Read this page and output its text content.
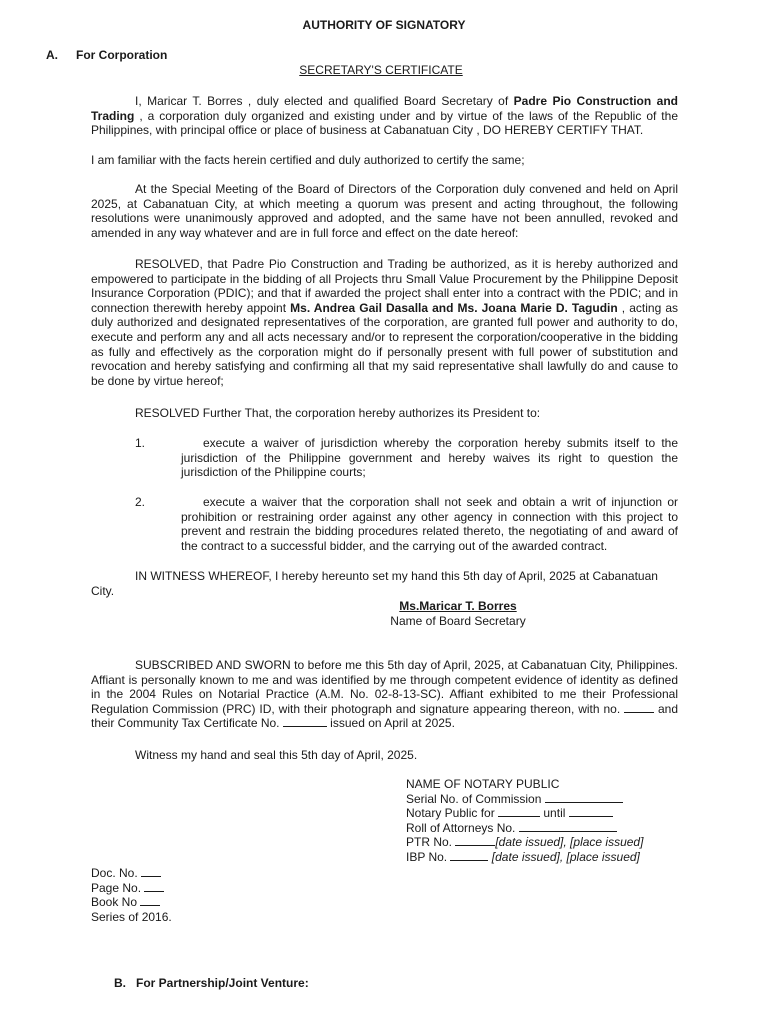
AUTHORITY OF SIGNATORY
A. For Corporation
SECRETARY'S CERTIFICATE

I, Maricar T. Borres , duly elected and qualified Board Secretary of Padre Pio Construction and Trading , a corporation duly organized and existing under and by virtue of the laws of the Republic of the Philippines, with principal office or place of business at Cabanatuan City , DO HEREBY CERTIFY THAT.

I am familiar with the facts herein certified and duly authorized to certify the same;

At the Special Meeting of the Board of Directors of the Corporation duly convened and held on April 2025, at Cabanatuan City, at which meeting a quorum was present and acting throughout, the following resolutions were unanimously approved and adopted, and the same have not been annulled, revoked and amended in any way whatever and are in full force and effect on the date hereof:

RESOLVED, that Padre Pio Construction and Trading be authorized, as it is hereby authorized and empowered to participate in the bidding of all Projects thru Small Value Procurement by the Philippine Deposit Insurance Corporation (PDIC); and that if awarded the project shall enter into a contract with the PDIC; and in connection therewith hereby appoint Ms. Andrea Gail Dasalla and Ms. Joana Marie D. Tagudin , acting as duly authorized and designated representatives of the corporation, are granted full power and authority to do, execute and perform any and all acts necessary and/or to represent the corporation/cooperative in the bidding as fully and effectively as the corporation might do if personally present with full power of substitution and revocation and hereby satisfying and confirming all that my said representative shall lawfully do and cause to be done by virtue hereof;

RESOLVED Further That, the corporation hereby authorizes its President to:

1.	execute a waiver of jurisdiction whereby the corporation hereby submits itself to the jurisdiction of the Philippine government and hereby waives its right to question the jurisdiction of the Philippine courts;

2.	execute a waiver that the corporation shall not seek and obtain a writ of injunction or prohibition or restraining order against any other agency in connection with this project to prevent and restrain the bidding procedures related thereto, the negotiating of and award of the contract to a successful bidder, and the carrying out of the awarded contract.

IN WITNESS WHEREOF, I hereby hereunto set my hand this 5th day of April, 2025 at Cabanatuan
City.
Ms.Maricar T. Borres
Name of Board Secretary

SUBSCRIBED AND SWORN to before me this 5th day of April, 2025, at Cabanatuan City, Philippines. Affiant is personally known to me and was identified by me through competent evidence of identity as defined in the 2004 Rules on Notarial Practice (A.M. No. 02-8-13-SC). Affiant exhibited to me their Professional Regulation Commission (PRC) ID, with their photograph and signature appearing thereon, with no.	and their Community Tax Certificate No.	issued on April at 2025.

Witness my hand and seal this 5th day of April, 2025.
NAME OF NOTARY PUBLIC
Serial No. of Commission
Notary Public for	until
Roll of Attorneys No.
PTR No.	[date issued], [place issued]
IBP No.	[date issued], [place issued]
Doc. No.
Page No.
Book No
Series of 2016.
B. For Partnership/Joint Venture:
